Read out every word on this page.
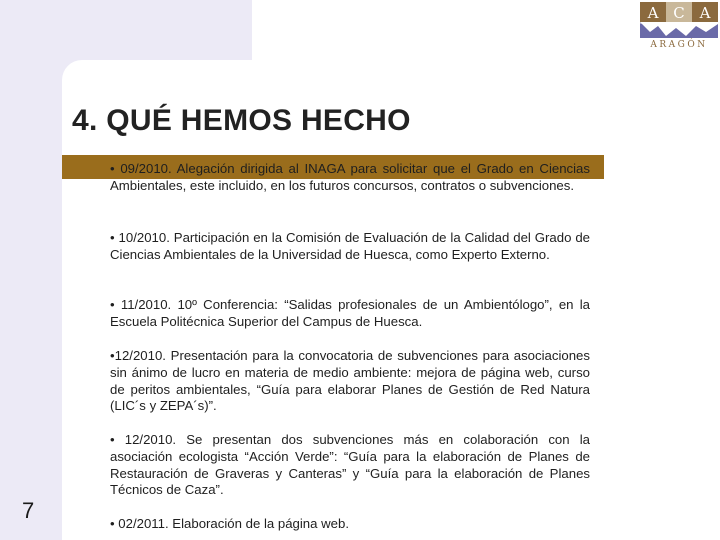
A C A
ARAGÓN
4. QUÉ HEMOS HECHO
• 09/2010. Alegación dirigida al INAGA para solicitar que el Grado en Ciencias Ambientales, este incluido, en los futuros concursos, contratos o subvenciones.
• 10/2010. Participación en la Comisión de Evaluación de la Calidad del Grado de Ciencias Ambientales de la Universidad de Huesca, como Experto Externo.
• 11/2010. 10º Conferencia: “Salidas profesionales de un Ambientólogo”, en la Escuela Politécnica Superior del Campus de Huesca.
•12/2010. Presentación para la convocatoria de subvenciones para asociaciones sin ánimo de lucro en materia de medio ambiente: mejora de página web, curso de peritos ambientales, “Guía para elaborar Planes de Gestión de Red Natura (LIC´s y ZEPA´s)”.
• 12/2010. Se presentan dos subvenciones más en colaboración con la asociación ecologista “Acción Verde”: “Guía para la elaboración de Planes de Restauración de Graveras y Canteras” y “Guía para la elaboración de Planes Técnicos de Caza”.
• 02/2011. Elaboración de la página web.
7
